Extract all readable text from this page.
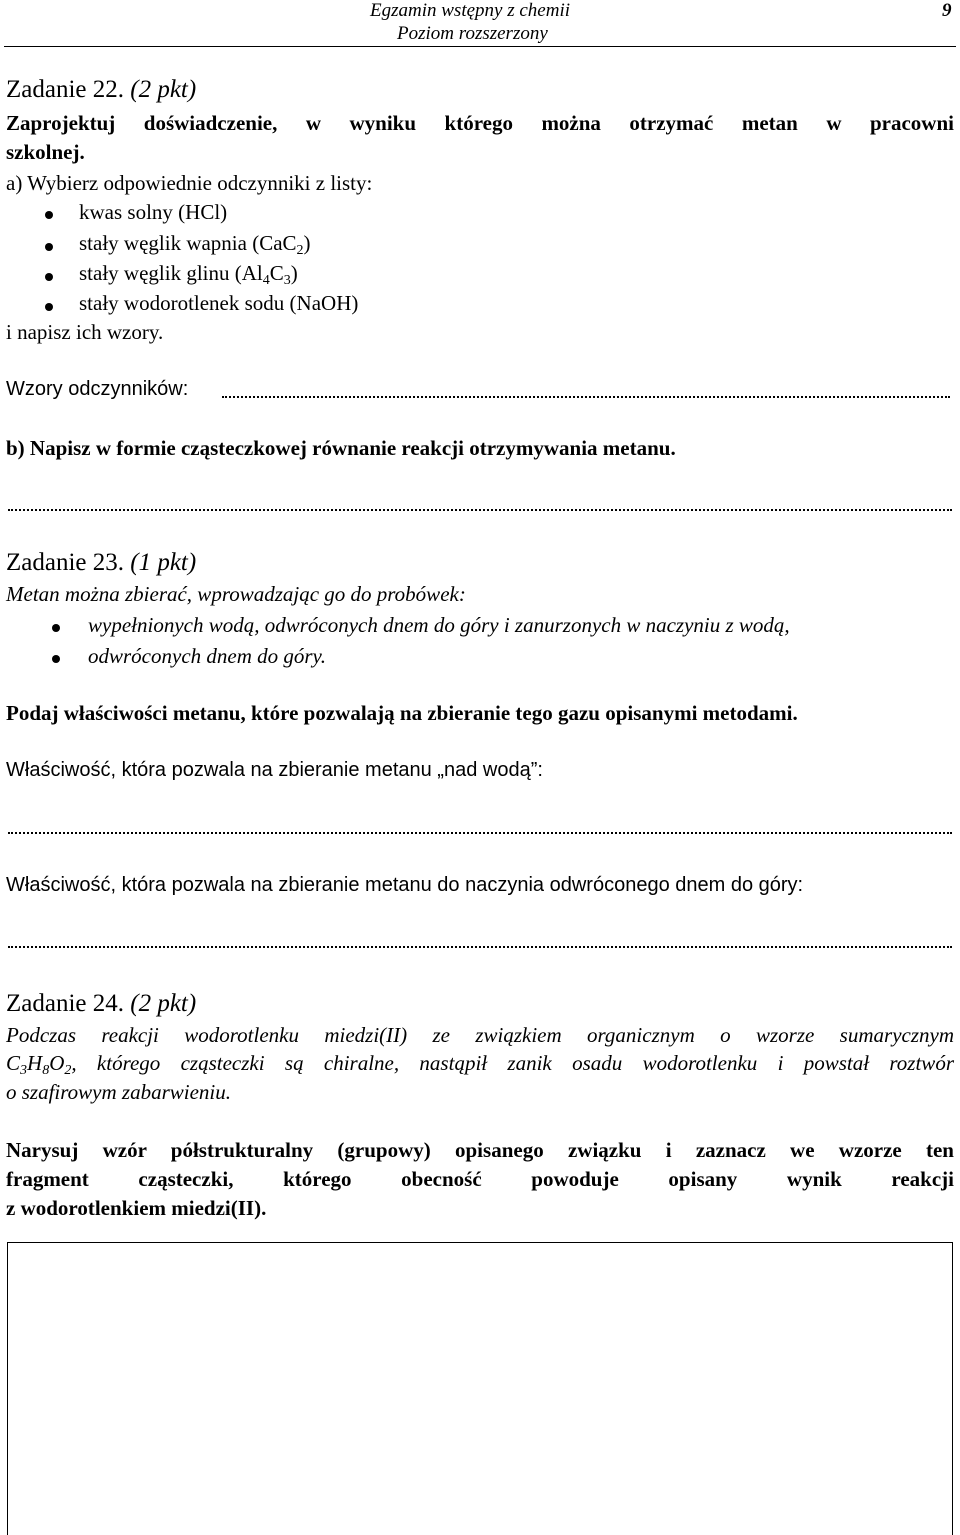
Egzamin wstępny z chemii
Poziom rozszerzony
9
Zadanie 22. (2 pkt)
Zaprojektuj doświadczenie, w wyniku którego można otrzymać metan w pracowni
szkolnej.
a) Wybierz odpowiednie odczynniki z listy:
kwas solny (HCl)
stały węglik wapnia (CaC$_2$)
stały węglik glinu $(Al_4C_3)$
stały wodorotlenek sodu (NaOH)
i napisz ich wzory.
Wzory odczynników:
b) Napisz w formie cząsteczkowej równanie reakcji otrzymywania metanu.
Zadanie 23. (1 pkt)
Metan można zbierać, wprowadzając go do probówek:
wypełnionych wodą, odwróconych dnem do góry i zanurzonych w naczyniu z wodą,
odwróconych dnem do góry.
Podaj właściwości metanu, które pozwalają na zbieranie tego gazu opisanymi metodami.
Właściwość, która pozwala na zbieranie metanu „nad wodą”:
Właściwość, która pozwala na zbieranie metanu do naczynia odwróconego dnem do góry:
Zadanie 24. (2 pkt)
Podczas reakcji wodorotlenku miedzi(II) ze związkiem organicznym o wzorze sumarycznym
$C_3H_8O_2$, którego cząsteczki są chiralne, nastąpił zanik osadu wodorotlenku i powstał roztwór
o szafirowym zabarwieniu.
Narysuj wzór półstrukturalny (grupowy) opisanego związku i zaznacz we wzorze ten
fragment cząsteczki, którego obecność powoduje opisany wynik reakcji
z wodorotlenkiem miedzi(II).
